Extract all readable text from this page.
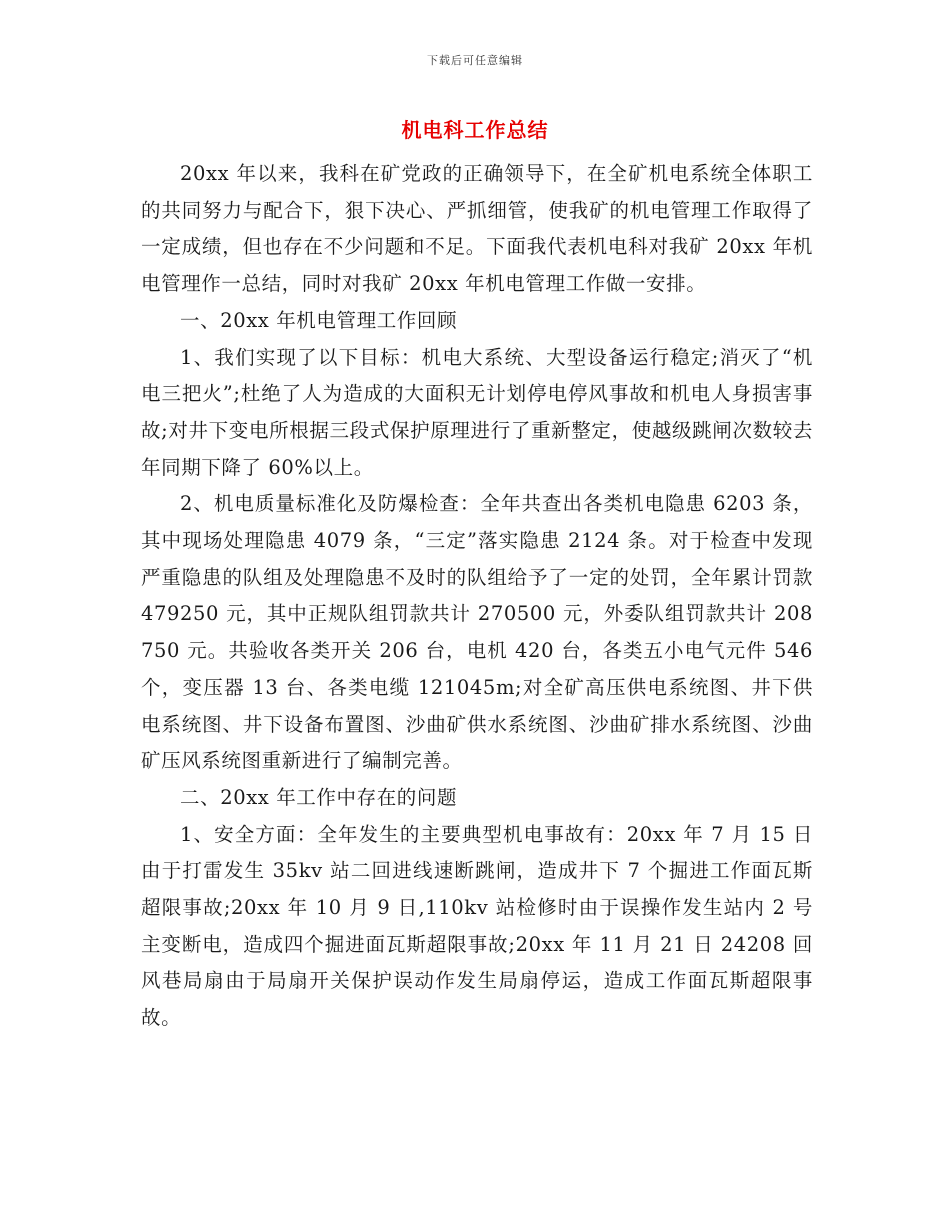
下载后可任意编辑
机电科工作总结

20xx 年以来，我科在矿党政的正确领导下，在全矿机电系统全体职工的共同努力与配合下，狠下决心、严抓细管，使我矿的机电管理工作取得了一定成绩，但也存在不少问题和不足。下面我代表机电科对我矿 20xx 年机电管理作一总结，同时对我矿 20xx 年机电管理工作做一安排。

一、20xx 年机电管理工作回顾

1、我们实现了以下目标：机电大系统、大型设备运行稳定;消灭了“机电三把火”;杜绝了人为造成的大面积无计划停电停风事故和机电人身损害事故;对井下变电所根据三段式保护原理进行了重新整定，使越级跳闸次数较去年同期下降了 60%以上。

2、机电质量标准化及防爆检查：全年共查出各类机电隐患 6203 条，其中现场处理隐患 4079 条，“三定”落实隐患 2124 条。对于检查中发现严重隐患的队组及处理隐患不及时的队组给予了一定的处罚，全年累计罚款 479250 元，其中正规队组罚款共计 270500 元，外委队组罚款共计 208750 元。共验收各类开关 206 台，电机 420 台，各类五小电气元件 546 个，变压器 13 台、各类电缆 121045m;对全矿高压供电系统图、井下供电系统图、井下设备布置图、沙曲矿供水系统图、沙曲矿排水系统图、沙曲矿压风系统图重新进行了编制完善。

二、20xx 年工作中存在的问题

1、安全方面：全年发生的主要典型机电事故有：20xx 年 7 月 15 日由于打雷发生 35kv 站二回进线速断跳闸，造成井下 7 个掘进工作面瓦斯超限事故;20xx 年 10 月 9 日,110kv 站检修时由于误操作发生站内 2 号主变断电，造成四个掘进面瓦斯超限事故;20xx 年 11 月 21 日 24208 回风巷局扇由于局扇开关保护误动作发生局扇停运，造成工作面瓦斯超限事故。
